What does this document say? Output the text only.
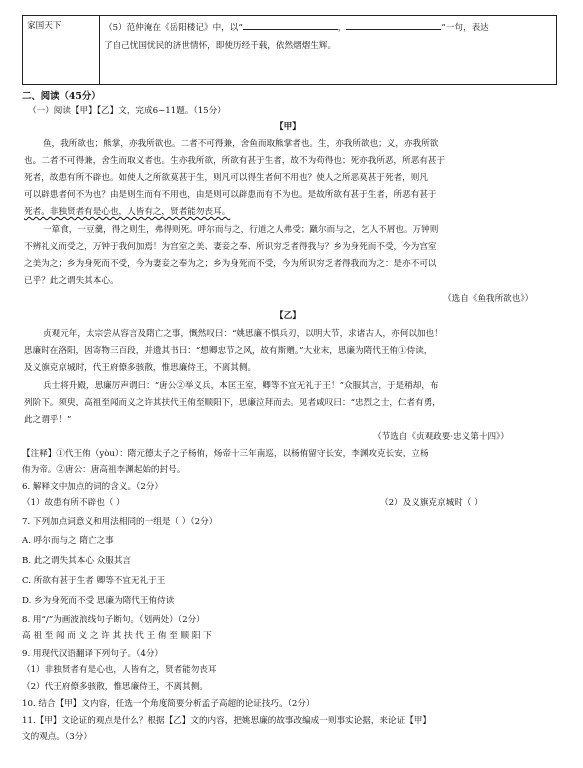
家国天下	（5）范仲淹在《岳阳楼记》中，以“	，	”一句，表达
了自己忧国忧民的济世情怀，即使历经千载，依然熠熠生辉。
二、阅读（45分）
（一）阅读【甲】【乙】文，完成6~11题。（15分）
【甲】
鱼，我所欲也；熊掌，亦我所欲也。二者不可得兼，舍鱼而取熊掌者也。生，亦我所欲也；义，亦我所欲
也。二者不可得兼，舍生而取义者也。生亦我所欲，所欲有甚于生者，故不为苟得也；死亦我所恶，所恶有甚于
死者，故患有所不辟也。如使人之所欲莫甚于生，则凡可以得生者何不用也？使人之所恶莫甚于死者，则凡
可以辟患者何不为也？由是则生而有不用也，由是则可以辟患而有不为也。是故所欲有甚于生者，所恶有甚于
死者。非独贤者有是心也，人皆有之，贤者能勿丧耳。
一箪食，一豆羹，得之则生，弗得则死。呼尔而与之，行道之人弗受；蹴尔而与之，乞人不屑也。万钟则
不辨礼义而受之，万钟于我何加焉！为宫室之美、妻妾之奉、所识穷乏者得我与？乡为身死而不受，今为宫室
之美为之；乡为身死而不受，今为妻妾之奉为之；乡为身死而不受，今为所识穷乏者得我而为之：是亦不可以
已乎？此之谓失其本心。
（选自《鱼我所欲也》）
【乙】
贞观元年，太宗尝从容言及隋亡之事，慨然叹曰：“姚思廉不惧兵刃，以明大节，求诸古人，亦何以加也！
思廉时在洛阳，因寄物三百段，并遗其书曰：“想卿忠节之风，故有斯赠。”大业末，思廉为隋代王侑①侍读，
及义旗克京城时，代王府僚多骇散，惟思廉侍王，不离其侧。
兵士将升殿，思廉厉声谓曰：“唐公②举义兵，本匡王室，卿等不宜无礼于王！”众服其言，于是稍却，布
列阶下。须臾，高祖至闻而义之许其扶代王侑至顺阳下，思廉泣拜而去。见者咸叹曰：“忠烈之士，仁者有勇，
此之谓乎！”
（节选自《贞观政要·忠义第十四》）
【注释】①代王侑（yòu）：隋元德太子之子杨侑，炀帝十三年南巡，以杨侑留守长安，李渊攻克长安，立杨
侑为帝。②唐公：唐高祖李渊起始的封号。
6. 解释文中加点的词的含义。（2分）
（1）故患有所不辟也（ ）	（2）及义旗克京城时（ ）
7. 下列加点词意义和用法相同的一组是（ ）（2分）
A. 呼尔而与之 隋亡之事
B. 此之谓失其本心 众服其言
C. 所欲有甚于生者 卿等不宜无礼于王
D. 乡为身死而不受 思廉为隋代王侑侍读
8. 用“/”为画波浪线句子断句。（划两处）（2分）
高 祖 至 闻 而 义 之 许 其 扶 代 王 侑 至 顺 阳 下
9. 用现代汉语翻译下列句子。（4分）
（1）非独贤者有是心也，人皆有之，贤者能勿丧耳
（2）代王府僚多骇散，惟思廉侍王，不离其侧。
10. 结合【甲】文内容，任选一个角度简要分析孟子高超的论证技巧。（2分）
11.【甲】文论证的观点是什么？根据【乙】文的内容，把姚思廉的故事改编成一则事实论据，来论证【甲】
文的观点。（3分）
